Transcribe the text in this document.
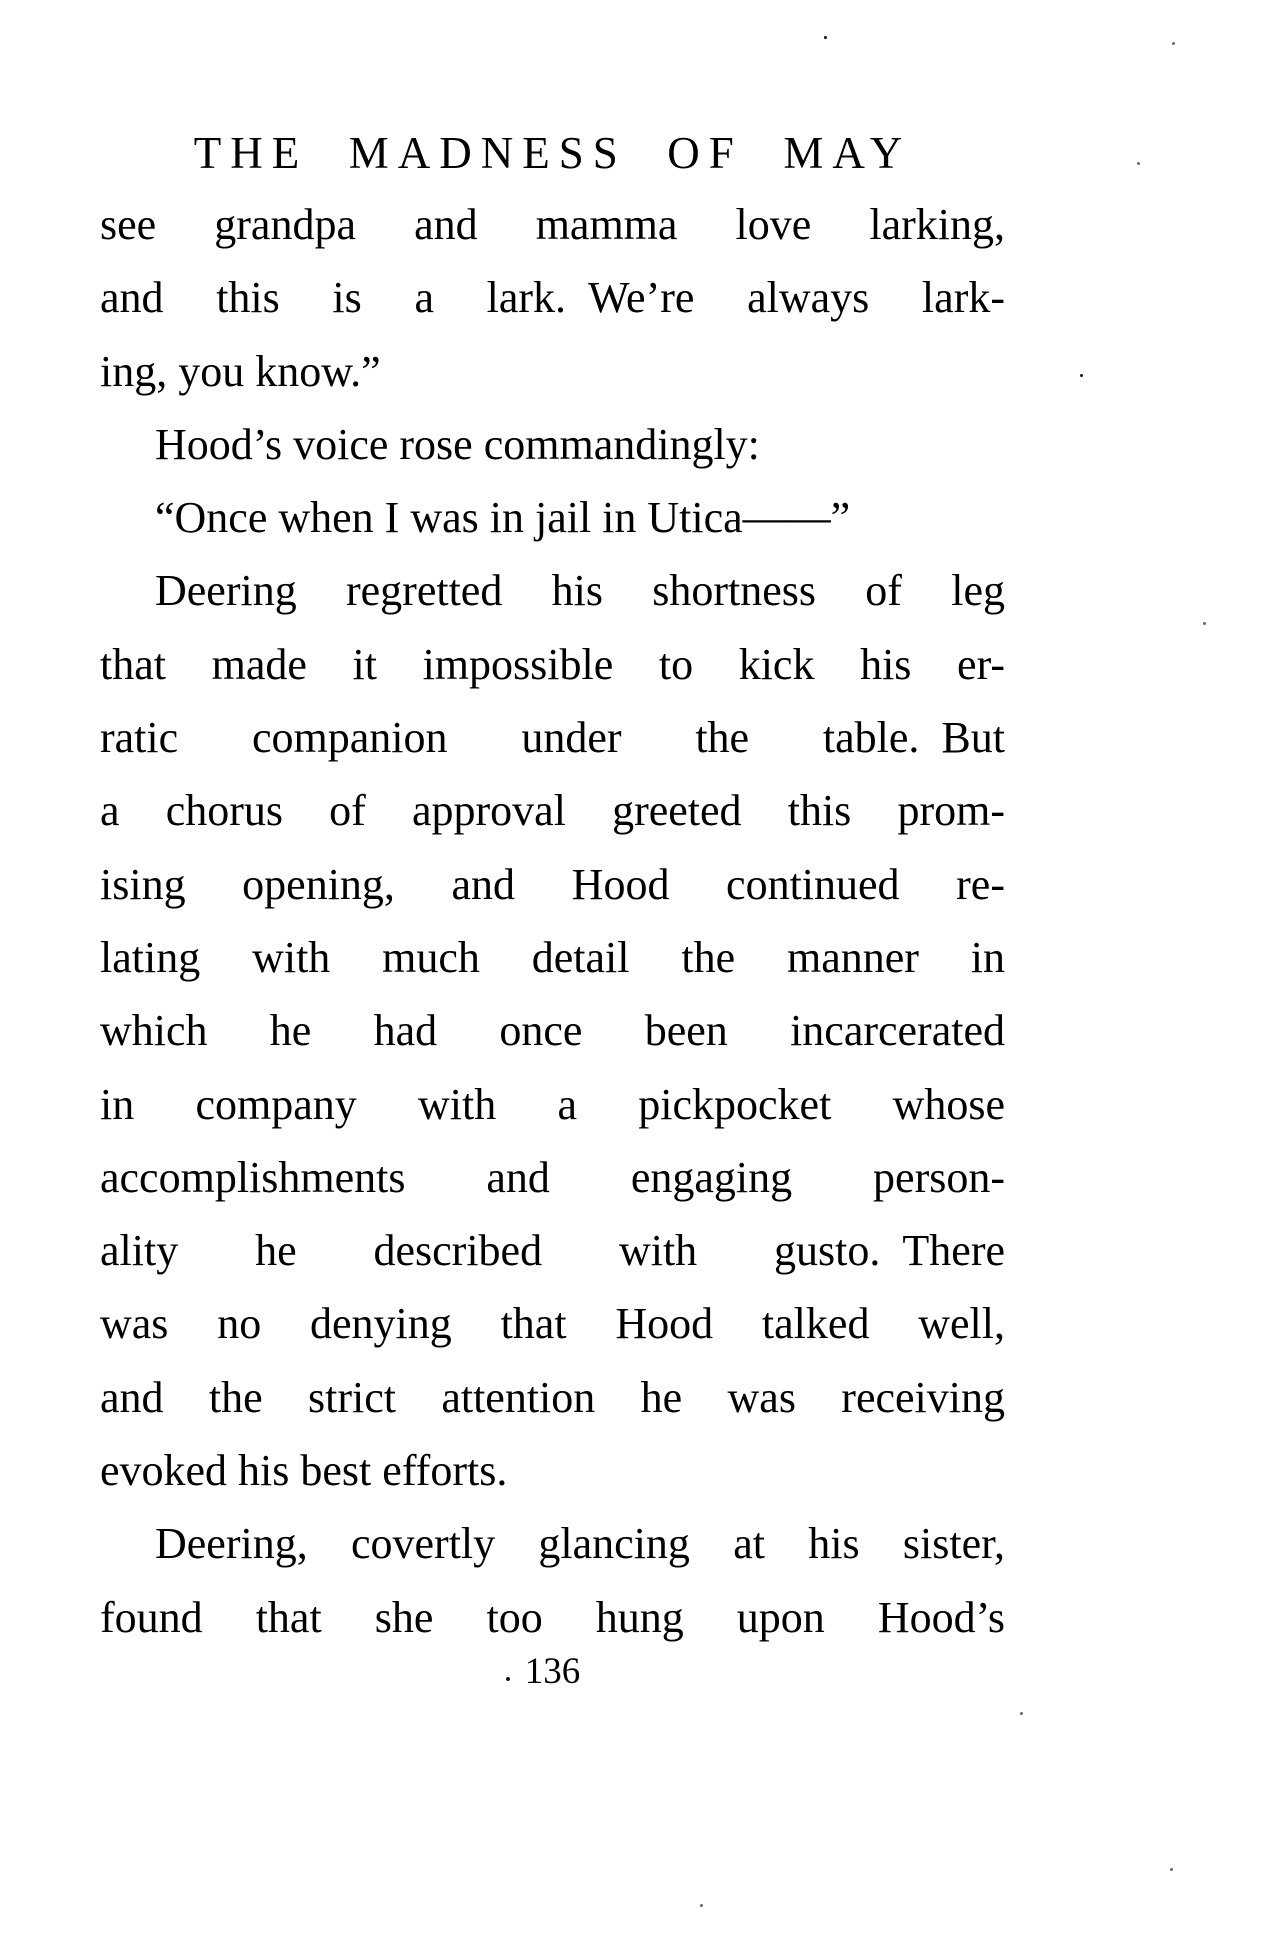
THE MADNESS OF MAY
see grandpa and mamma love larking,
and this is a lark. We’re always lark-
ing, you know.”
Hood’s voice rose commandingly:
“Once when I was in jail in Utica——”
Deering regretted his shortness of leg
that made it impossible to kick his er-
ratic companion under the table. But
a chorus of approval greeted this prom-
ising opening, and Hood continued re-
lating with much detail the manner in
which he had once been incarcerated
in company with a pickpocket whose
accomplishments and engaging person-
ality he described with gusto. There
was no denying that Hood talked well,
and the strict attention he was receiving
evoked his best efforts.
Deering, covertly glancing at his sister,
found that she too hung upon Hood’s
136
